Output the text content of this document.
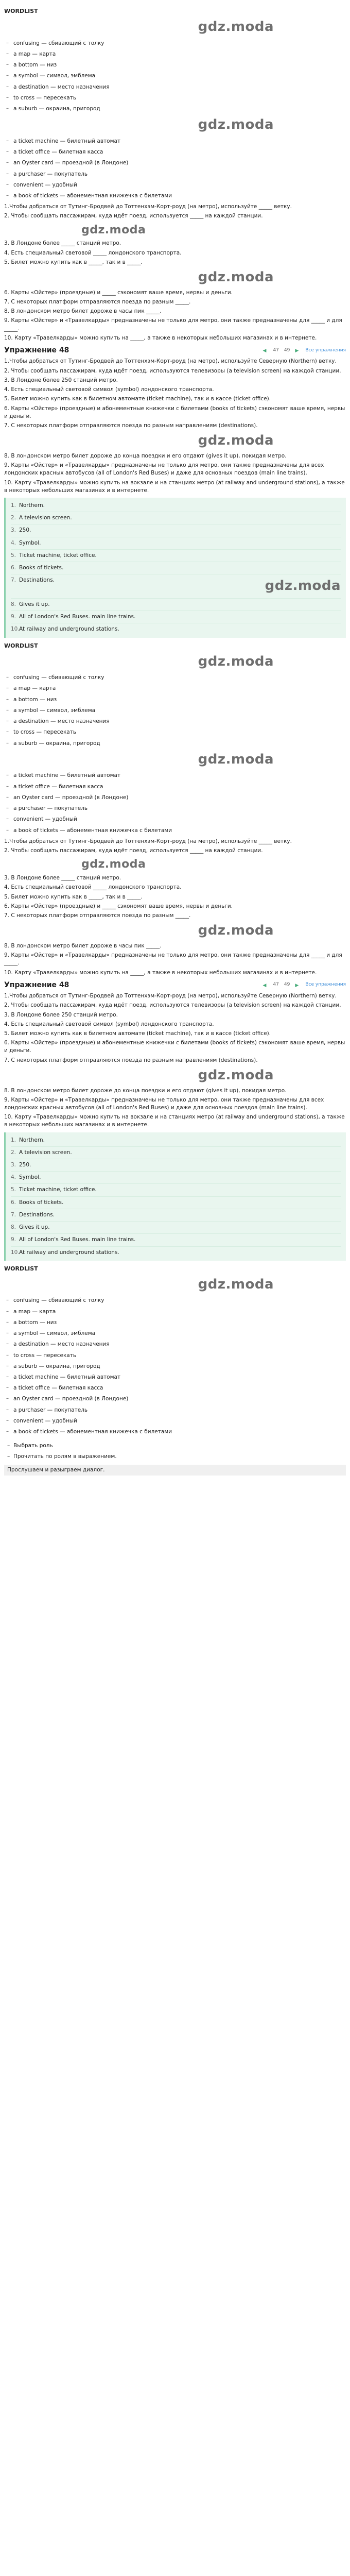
WORDLIST
gdz.moda
– confusing — сбивающий с толку
– a map — карта
– a bottom — низ
– a symbol — символ, эмблема
– a destination — место назначения
– to cross — пересекать
– a suburb — окраина, пригород
gdz.moda
– a ticket machine — билетный автомат
– a ticket office — билетная касса
– an Oyster card — проездной (в Лондоне)
– a purchaser — покупатель
– convenient — удобный
– a book of tickets — абонементная книжечка с билетами
1.Чтобы добраться от Тутинг-Бродвей до Тоттенхэм-Корт-роуд (на метро), используйте _____ ветку.
2. Чтобы сообщать пассажирам, куда идёт поезд, используется _____ на каждой станции.
gdz.moda
3. В Лондоне более _____ станций метро.
4. Есть специальный световой _____ лондонского транспорта.
5. Билет можно купить как в _____, так и в _____.
gdz.moda
6. Карты «Ойстер» (проездные) и _____ сэкономят ваше время, нервы и деньги.
7. С некоторых платформ отправляются поезда по разным _____.
8. В лондонском метро билет дороже в часы пик _____.
9. Карты «Ойстер» и «Травелкарды» предназначены не только для метро, они также предназначены для _____ и для _____.
10. Карту «Травелкарды» можно купить на _____, а также в некоторых небольших магазинах и в интернете.
Упражнение 48	◀	47 49 ▶	Все упражнения
1.Чтобы добраться от Тутинг-Бродвей до Тоттенхэм-Корт-роуд (на метро), используйте Северную (Northern) ветку.
2. Чтобы сообщать пассажирам, куда идёт поезд, используются телевизоры (a television screen) на каждой станции.
3. В Лондоне более 250 станций метро.
4. Есть специальный световой символ (symbol) лондонского транспорта.
5. Билет можно купить как в билетном автомате (ticket machine), так и в кассе (ticket office).
6. Карты «Ойстер» (проездные) и абонементные книжечки с билетами (books of tickets) сэкономят ваше время, нервы и деньги.
7. С некоторых платформ отправляются поезда по разным направлениям (destinations).
gdz.moda
8. В лондонском метро билет дороже до конца поездки и его отдают (gives it up), покидая метро.
9. Карты «Ойстер» и «Травелкарды» предназначены не только для метро, они также предназначены для всех лондонских красных автобусов (all of London's Red Buses) и даже для основных поездов (main line trains).
10. Карту «Травелкарды» можно купить на вокзале и на станциях метро (at railway and underground stations), а также в некоторых небольших магазинах и в интернете.
1. Northern.
2. A television screen.
3. 250.
4. Symbol.
5. Ticket machine, ticket office.
6. Books of tickets.
7. Destinations.	gdz.moda
8. Gives it up.
9. All of London's Red Buses. main line trains.
10. At railway and underground stations.
WORDLIST
gdz.moda
– confusing — сбивающий с толку
– a map — карта
– a bottom — низ
– a symbol — символ, эмблема
– a destination — место назначения
– to cross — пересекать
– a suburb — окраина, пригород
gdz.moda
– a ticket machine — билетный автомат
– a ticket office — билетная касса
– an Oyster card — проездной (в Лондоне)
– a purchaser — покупатель
– convenient — удобный
– a book of tickets — абонементная книжечка с билетами
1.Чтобы добраться от Тутинг-Бродвей до Тоттенхэм-Корт-роуд (на метро), используйте _____ ветку.
2. Чтобы сообщать пассажирам, куда идёт поезд, используется _____ на каждой станции.
gdz.moda
3. В Лондоне более _____ станций метро.
4. Есть специальный световой _____ лондонского транспорта.
5. Билет можно купить как в _____, так и в _____.
6. Карты «Ойстер» (проездные) и _____ сэкономят ваше время, нервы и деньги.
7. С некоторых платформ отправляются поезда по разным _____.
gdz.moda
8. В лондонском метро билет дороже в часы пик _____.
9. Карты «Ойстер» и «Травелкарды» предназначены не только для метро, они также предназначены для _____ и для _____.
10. Карту «Травелкарды» можно купить на _____, а также в некоторых небольших магазинах и в интернете.
Упражнение 48	◀	47 49 ▶	Все упражнения
1.Чтобы добраться от Тутинг-Бродвей до Тоттенхэм-Корт-роуд (на метро), используйте Северную (Northern) ветку.
2. Чтобы сообщать пассажирам, куда идёт поезд, используются телевизоры (a television screen) на каждой станции.
3. В Лондоне более 250 станций метро.
4. Есть специальный световой символ (symbol) лондонского транспорта.
5. Билет можно купить как в билетном автомате (ticket machine), так и в кассе (ticket office).
6. Карты «Ойстер» (проездные) и абонементные книжечки с билетами (books of tickets) сэкономят ваше время, нервы и деньги.
7. С некоторых платформ отправляются поезда по разным направлениям (destinations).
gdz.moda
8. В лондонском метро билет дороже до конца поездки и его отдают (gives it up), покидая метро.
9. Карты «Ойстер» и «Травелкарды» предназначены не только для метро, они также предназначены для всех лондонских красных автобусов (all of London's Red Buses) и даже для основных поездов (main line trains).
10. Карту «Травелкарды» можно купить на вокзале и на станциях метро (at railway and underground stations), а также в некоторых небольших магазинах и в интернете.
1. Northern.
2. A television screen.
3. 250.
4. Symbol.
5. Ticket machine, ticket office.
6. Books of tickets.
7. Destinations.
8. Gives it up.
9. All of London's Red Buses. main line trains.
10. At railway and underground stations.
WORDLIST
gdz.moda
– confusing — сбивающий с толку
– a map — карта
– a bottom — низ
– a symbol — символ, эмблема
– a destination — место назначения
– to cross — пересекать
– a suburb — окраина, пригород
– a ticket machine — билетный автомат
– a ticket office — билетная касса
– an Oyster card — проездной (в Лондоне)
– a purchaser — покупатель
– convenient — удобный
– a book of tickets — абонементная книжечка с билетами
– Выбрать роль
– Прочитать по ролям в выражением.
Прослушаем и разыграем диалог.
